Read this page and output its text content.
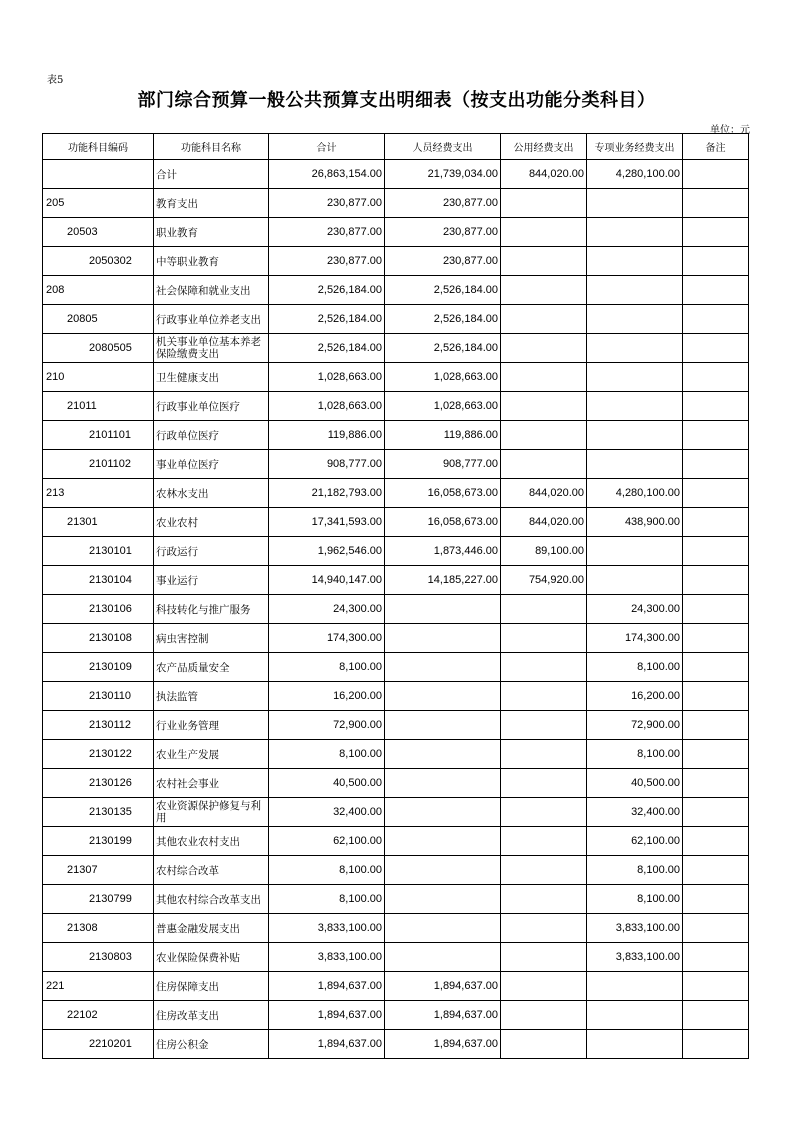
表5
部门综合预算一般公共预算支出明细表（按支出功能分类科目）
单位：元
功能科目编码	功能科目名称	合计	人员经费支出	公用经费支出	专项业务经费支出	备注
	合计	26,863,154.00	21,739,034.00	844,020.00	4,280,100.00	
205	教育支出	230,877.00	230,877.00			
20503	职业教育	230,877.00	230,877.00			
2050302	中等职业教育	230,877.00	230,877.00			
208	社会保障和就业支出	2,526,184.00	2,526,184.00			
20805	行政事业单位养老支出	2,526,184.00	2,526,184.00			
2080505	机关事业单位基本养老保险缴费支出	2,526,184.00	2,526,184.00			
210	卫生健康支出	1,028,663.00	1,028,663.00			
21011	行政事业单位医疗	1,028,663.00	1,028,663.00			
2101101	行政单位医疗	119,886.00	119,886.00			
2101102	事业单位医疗	908,777.00	908,777.00			
213	农林水支出	21,182,793.00	16,058,673.00	844,020.00	4,280,100.00	
21301	农业农村	17,341,593.00	16,058,673.00	844,020.00	438,900.00	
2130101	行政运行	1,962,546.00	1,873,446.00	89,100.00		
2130104	事业运行	14,940,147.00	14,185,227.00	754,920.00		
2130106	科技转化与推广服务	24,300.00			24,300.00	
2130108	病虫害控制	174,300.00			174,300.00	
2130109	农产品质量安全	8,100.00			8,100.00	
2130110	执法监管	16,200.00			16,200.00	
2130112	行业业务管理	72,900.00			72,900.00	
2130122	农业生产发展	8,100.00			8,100.00	
2130126	农村社会事业	40,500.00			40,500.00	
2130135	农业资源保护修复与利用	32,400.00			32,400.00	
2130199	其他农业农村支出	62,100.00			62,100.00	
21307	农村综合改革	8,100.00			8,100.00	
2130799	其他农村综合改革支出	8,100.00			8,100.00	
21308	普惠金融发展支出	3,833,100.00			3,833,100.00	
2130803	农业保险保费补贴	3,833,100.00			3,833,100.00	
221	住房保障支出	1,894,637.00	1,894,637.00			
22102	住房改革支出	1,894,637.00	1,894,637.00			
2210201	住房公积金	1,894,637.00	1,894,637.00			
